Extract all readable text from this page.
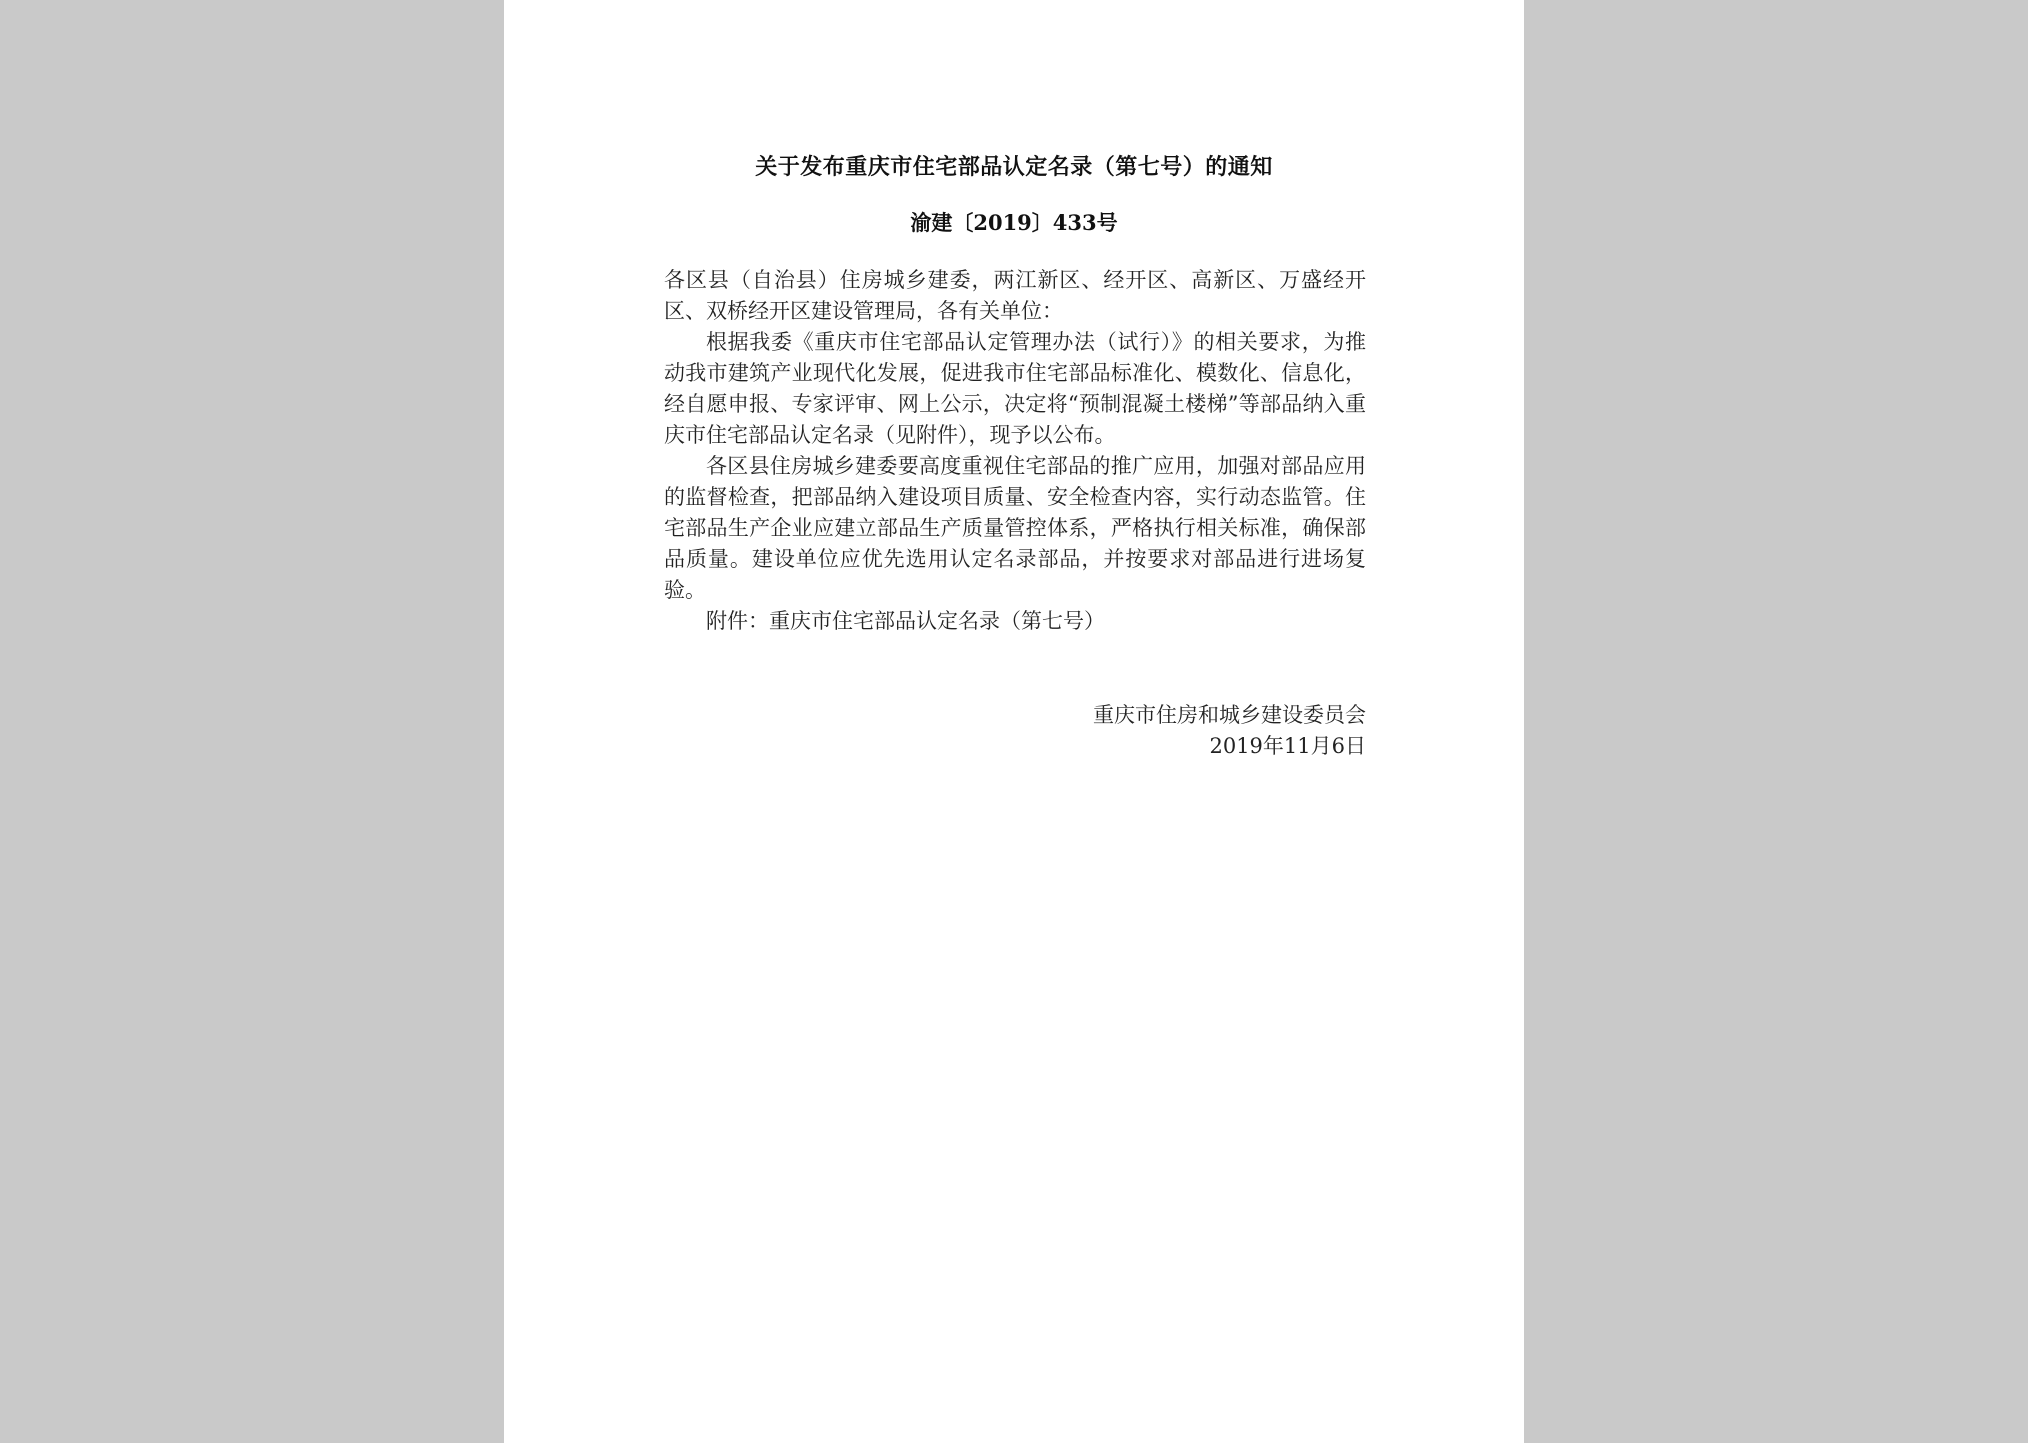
关于发布重庆市住宅部品认定名录（第七号）的通知
渝建〔2019〕433号

各区县（自治县）住房城乡建委，两江新区、经开区、高新区、万盛经开区、双桥经开区建设管理局，各有关单位：

根据我委《重庆市住宅部品认定管理办法（试行）》的相关要求，为推动我市建筑产业现代化发展，促进我市住宅部品标准化、模数化、信息化，经自愿申报、专家评审、网上公示，决定将“预制混凝土楼梯”等部品纳入重庆市住宅部品认定名录（见附件），现予以公布。

各区县住房城乡建委要高度重视住宅部品的推广应用，加强对部品应用的监督检查，把部品纳入建设项目质量、安全检查内容，实行动态监管。住宅部品生产企业应建立部品生产质量管控体系，严格执行相关标准，确保部品质量。建设单位应优先选用认定名录部品，并按要求对部品进行进场复验。

附件：重庆市住宅部品认定名录（第七号）

重庆市住房和城乡建设委员会
2019年11月6日
